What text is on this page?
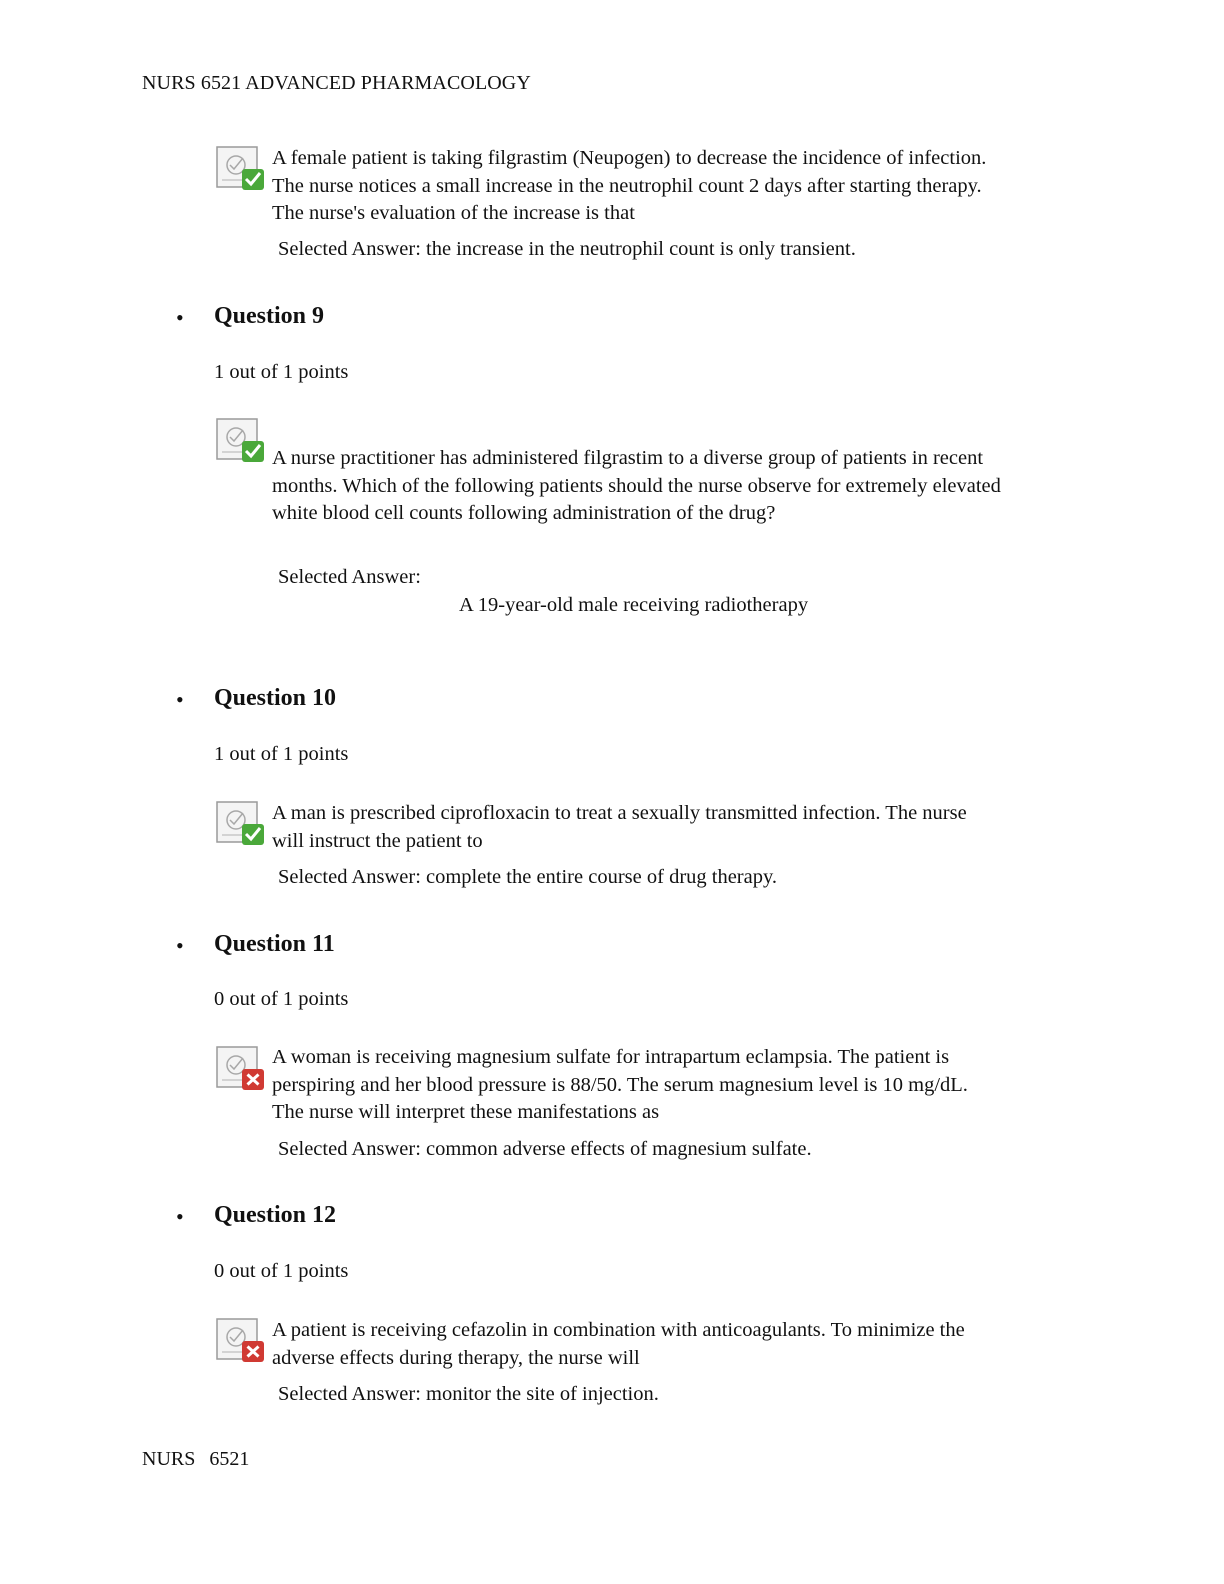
NURS 6521 ADVANCED PHARMACOLOGY
A female patient is taking filgrastim (Neupogen) to decrease the incidence of infection.
The nurse notices a small increase in the neutrophil count 2 days after starting therapy.
The nurse's evaluation of the increase is that
Selected Answer: the increase in the neutrophil count is only transient.
• Question 9
1 out of 1 points
A nurse practitioner has administered filgrastim to a diverse group of patients in recent
months. Which of the following patients should the nurse observe for extremely elevated
white blood cell counts following administration of the drug?
Selected Answer:
A 19-year-old male receiving radiotherapy
• Question 10
1 out of 1 points
A man is prescribed ciprofloxacin to treat a sexually transmitted infection. The nurse
will instruct the patient to
Selected Answer: complete the entire course of drug therapy.
• Question 11
0 out of 1 points
A woman is receiving magnesium sulfate for intrapartum eclampsia. The patient is
perspiring and her blood pressure is 88/50. The serum magnesium level is 10 mg/dL.
The nurse will interpret these manifestations as
Selected Answer: common adverse effects of magnesium sulfate.
• Question 12
0 out of 1 points
A patient is receiving cefazolin in combination with anticoagulants. To minimize the
adverse effects during therapy, the nurse will
Selected Answer: monitor the site of injection.
NURS 6521
